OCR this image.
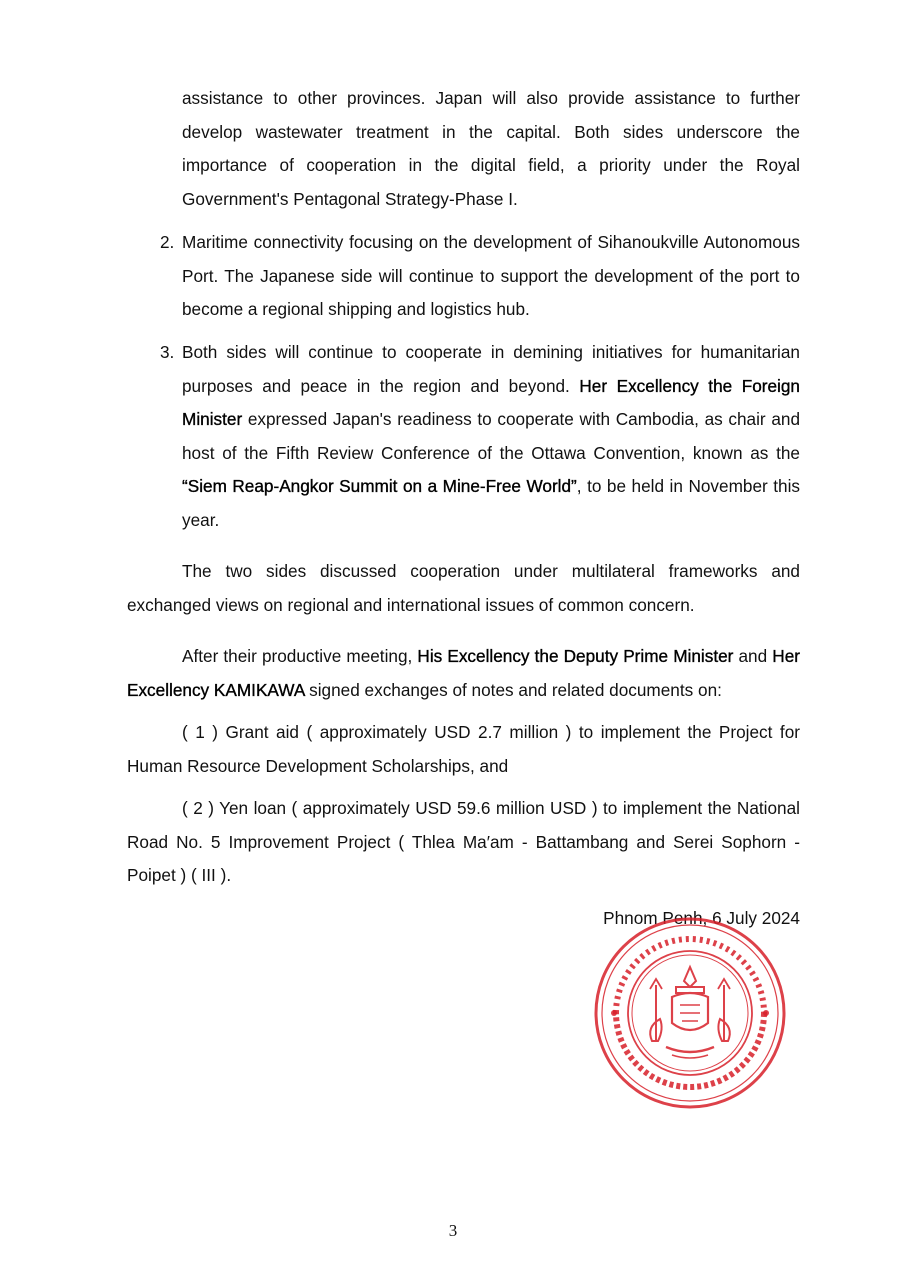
assistance to other provinces. Japan will also provide assistance to further develop wastewater treatment in the capital. Both sides underscore the importance of cooperation in the digital field, a priority under the Royal Government's Pentagonal Strategy-Phase I.
2. Maritime connectivity focusing on the development of Sihanoukville Autonomous Port. The Japanese side will continue to support the development of the port to become a regional shipping and logistics hub.
3. Both sides will continue to cooperate in demining initiatives for humanitarian purposes and peace in the region and beyond. Her Excellency the Foreign Minister expressed Japan's readiness to cooperate with Cambodia, as chair and host of the Fifth Review Conference of the Ottawa Convention, known as the “Siem Reap-Angkor Summit on a Mine-Free World”, to be held in November this year.
The two sides discussed cooperation under multilateral frameworks and exchanged views on regional and international issues of common concern.
After their productive meeting, His Excellency the Deputy Prime Minister and Her Excellency KAMIKAWA signed exchanges of notes and related documents on:
( 1 ) Grant aid ( approximately USD 2.7 million ) to implement the Project for Human Resource Development Scholarships, and
( 2 ) Yen loan ( approximately USD 59.6 million USD ) to implement the National Road No. 5 Improvement Project ( Thlea Ma′am - Battambang and Serei Sophorn - Poipet ) ( III ).
Phnom Penh, 6 July 2024
3
